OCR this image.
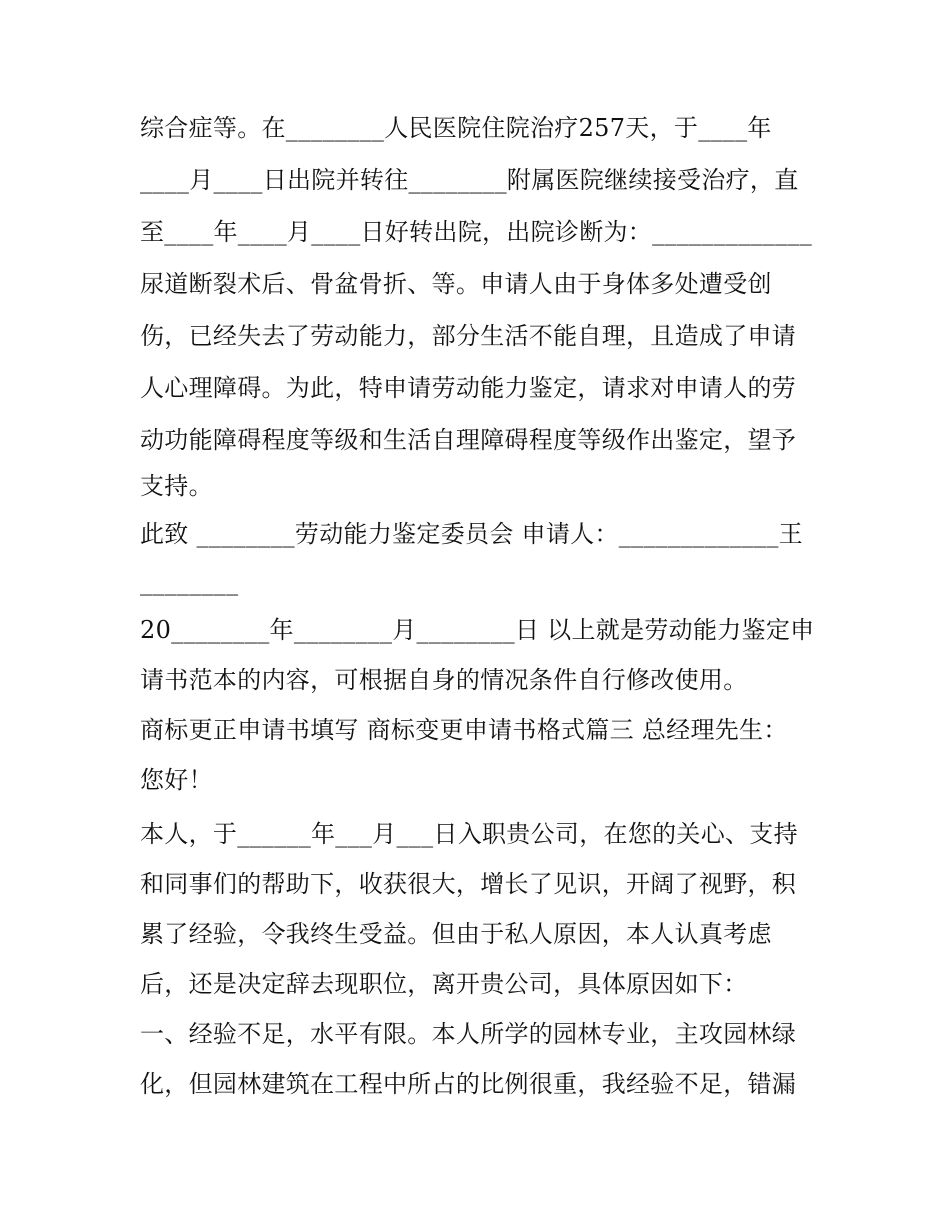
综合症等。在________人民医院住院治疗257天，于____年

____月____日出院并转往________附属医院继续接受治疗，直

至____年____月____日好转出院，出院诊断为：_____________

尿道断裂术后、骨盆骨折、等。申请人由于身体多处遭受创

伤，已经失去了劳动能力，部分生活不能自理，且造成了申请

人心理障碍。为此，特申请劳动能力鉴定，请求对申请人的劳

动功能障碍程度等级和生活自理障碍程度等级作出鉴定，望予

支持。

此致 ________劳动能力鉴定委员会 申请人：_____________王

________

20________年________月________日 以上就是劳动能力鉴定申

请书范本的内容，可根据自身的情况条件自行修改使用。

商标更正申请书填写 商标变更申请书格式篇三 总经理先生：

您好！

本人，于______年___月___日入职贵公司，在您的关心、支持

和同事们的帮助下，收获很大，增长了见识，开阔了视野，积

累了经验，令我终生受益。但由于私人原因，本人认真考虑

后，还是决定辞去现职位，离开贵公司，具体原因如下：

一、经验不足，水平有限。本人所学的园林专业，主攻园林绿

化，但园林建筑在工程中所占的比例很重，我经验不足，错漏
